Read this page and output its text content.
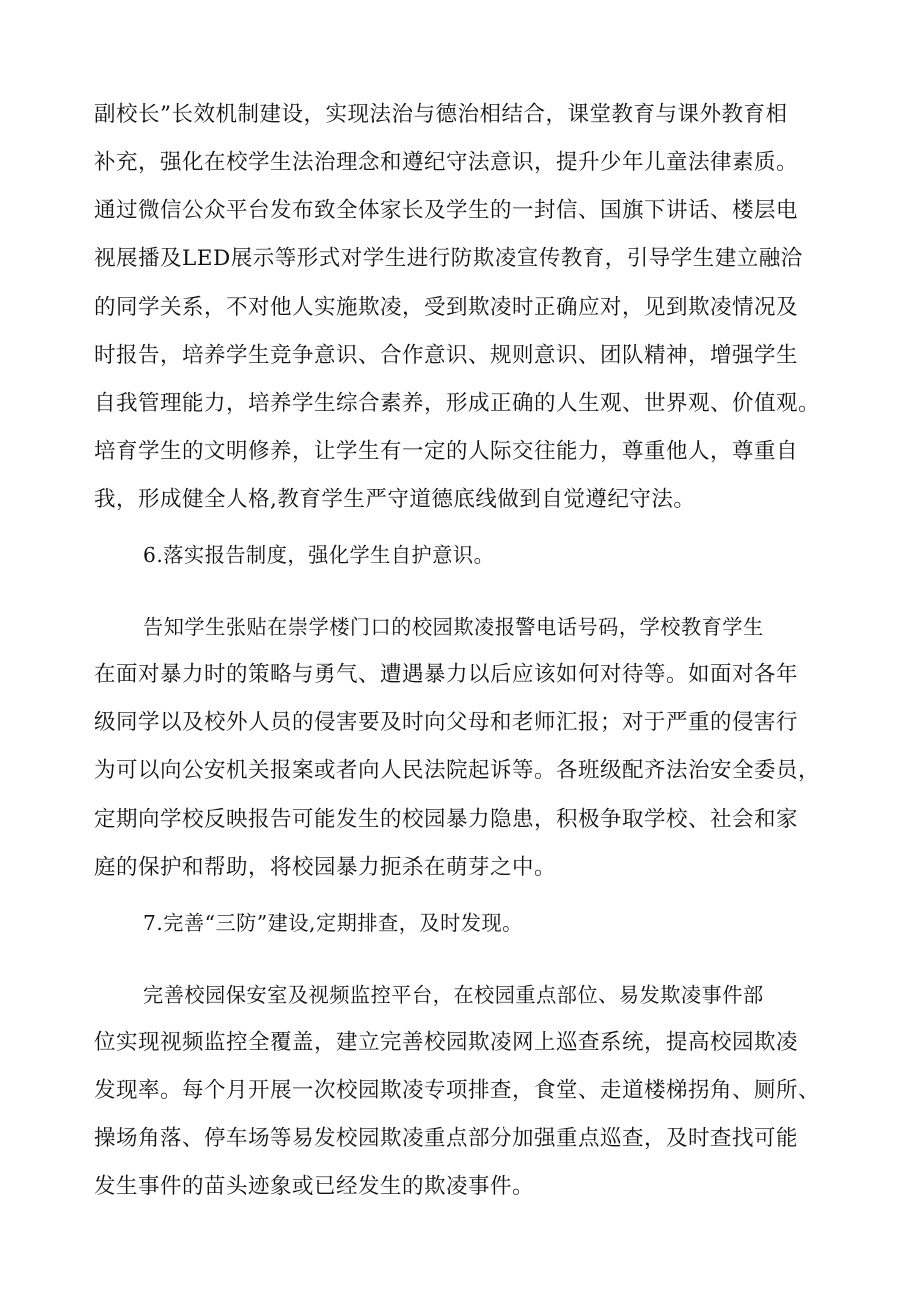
副校长”长效机制建设，实现法治与德治相结合，课堂教育与课外教育相
补充，强化在校学生法治理念和遵纪守法意识，提升少年儿童法律素质。
通过微信公众平台发布致全体家长及学生的一封信、国旗下讲话、楼层电
视展播及LED展示等形式对学生进行防欺凌宣传教育，引导学生建立融洽
的同学关系，不对他人实施欺凌，受到欺凌时正确应对，见到欺凌情况及
时报告，培养学生竞争意识、合作意识、规则意识、团队精神，增强学生
自我管理能力，培养学生综合素养，形成正确的人生观、世界观、价值观。
培育学生的文明修养，让学生有一定的人际交往能力，尊重他人，尊重自
我，形成健全人格,教育学生严守道德底线做到自觉遵纪守法。
6.落实报告制度，强化学生自护意识。
告知学生张贴在崇学楼门口的校园欺凌报警电话号码，学校教育学生
在面对暴力时的策略与勇气、遭遇暴力以后应该如何对待等。如面对各年
级同学以及校外人员的侵害要及时向父母和老师汇报；对于严重的侵害行
为可以向公安机关报案或者向人民法院起诉等。各班级配齐法治安全委员，
定期向学校反映报告可能发生的校园暴力隐患，积极争取学校、社会和家
庭的保护和帮助，将校园暴力扼杀在萌芽之中。
7.完善“三防”建设,定期排查，及时发现。
完善校园保安室及视频监控平台，在校园重点部位、易发欺凌事件部
位实现视频监控全覆盖，建立完善校园欺凌网上巡查系统，提高校园欺凌
发现率。每个月开展一次校园欺凌专项排查，食堂、走道楼梯拐角、厕所、
操场角落、停车场等易发校园欺凌重点部分加强重点巡查，及时查找可能
发生事件的苗头迹象或已经发生的欺凌事件。
